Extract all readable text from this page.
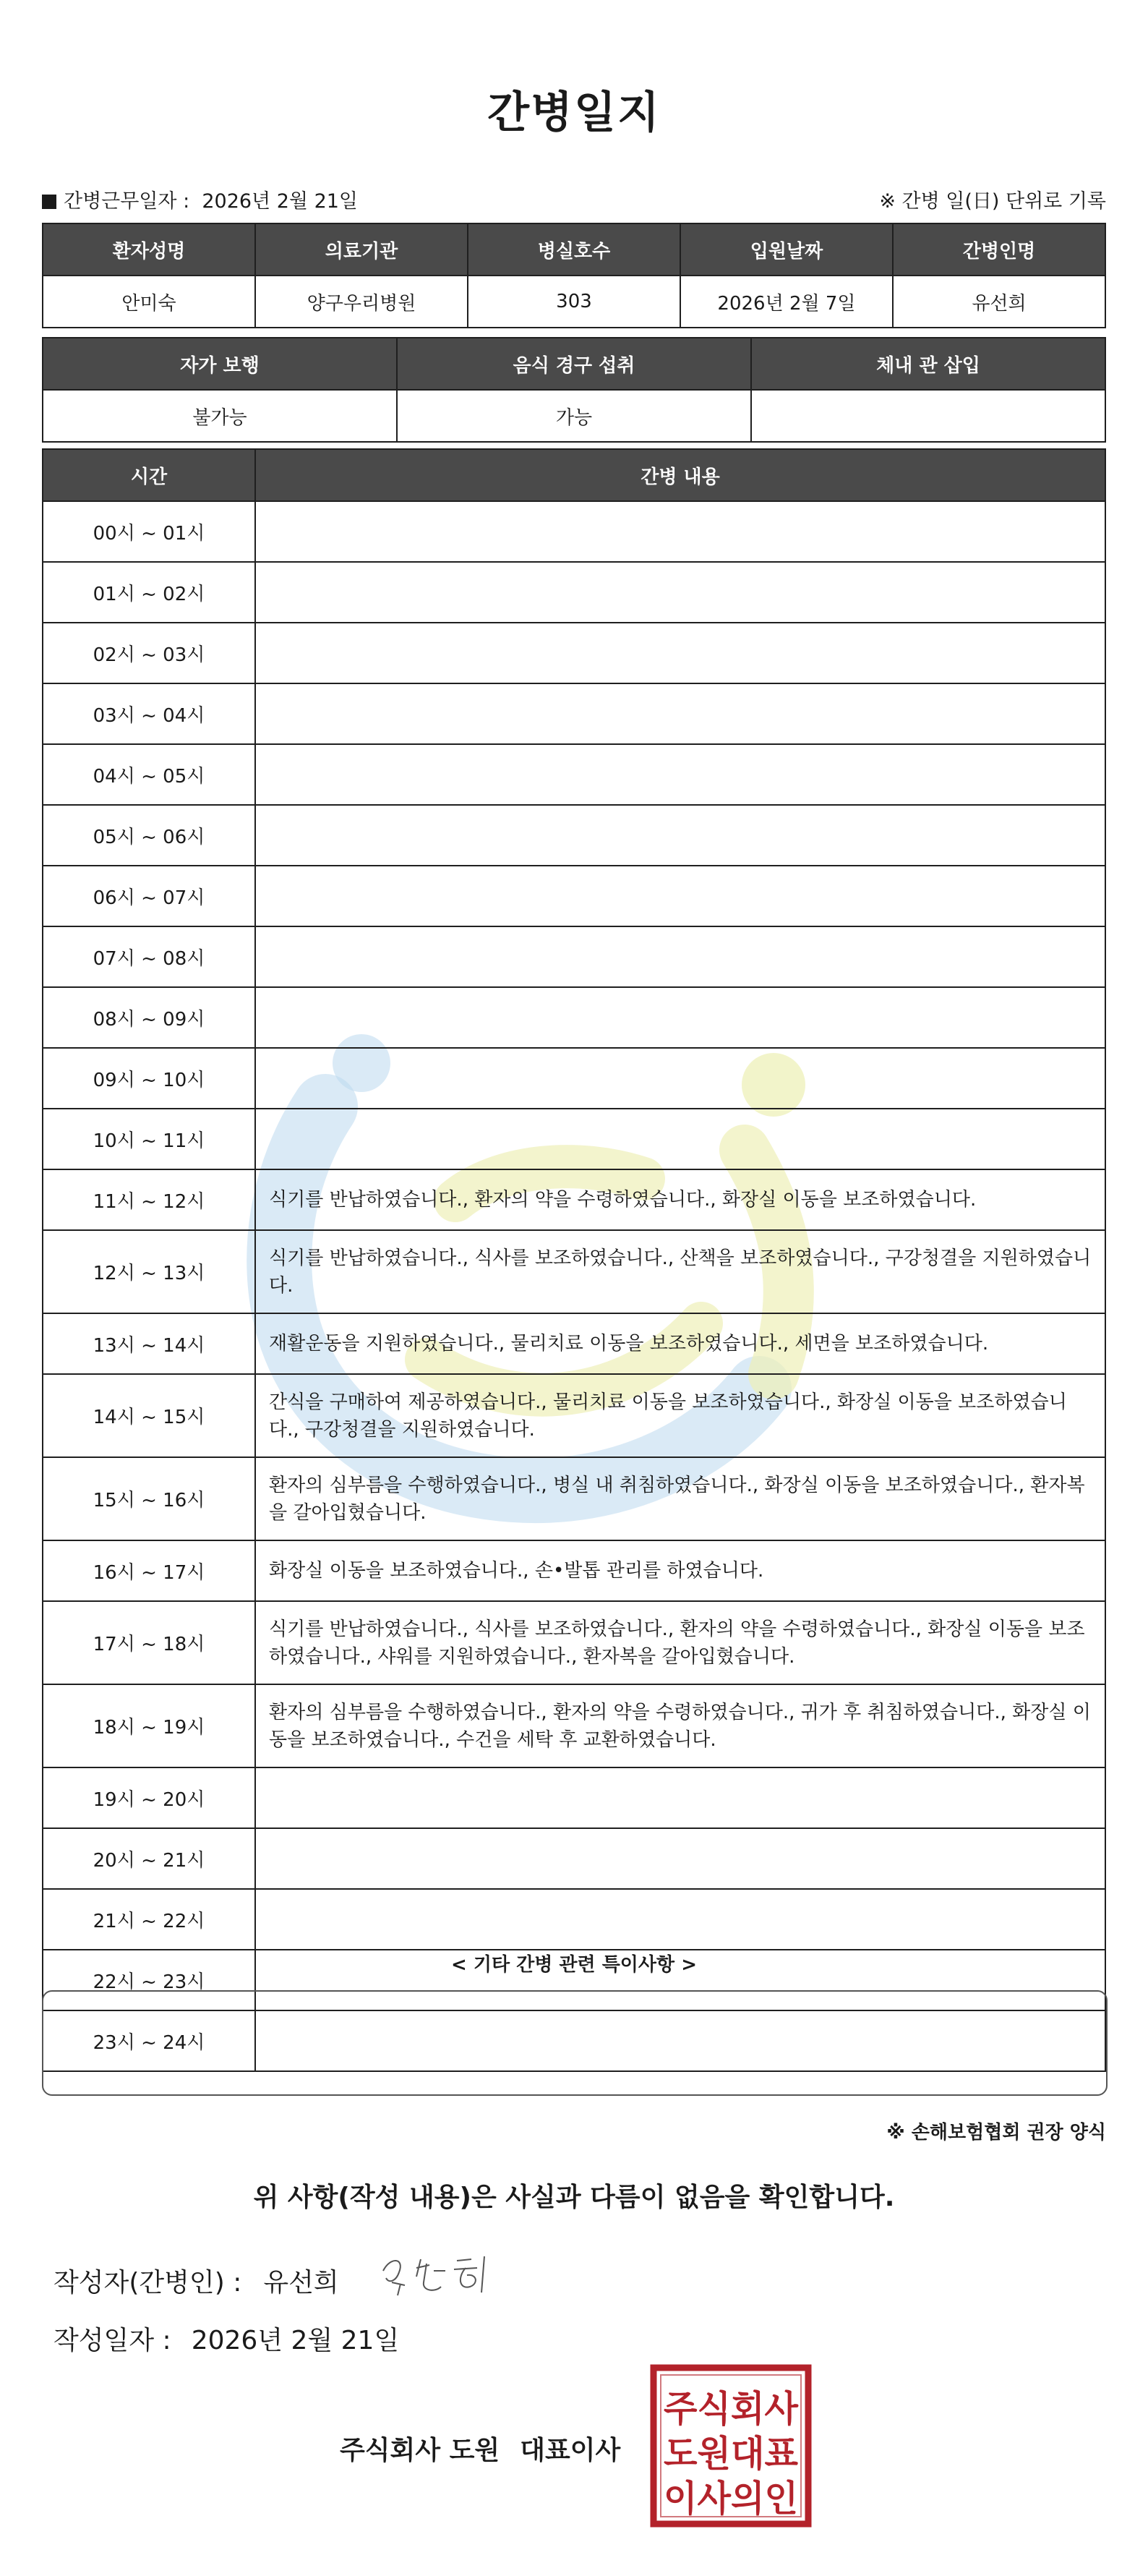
간병일지
간병근무일자 : 2026년 2월 21일	※ 간병 일(日) 단위로 기록
환자성명	의료기관	병실호수	입원날짜	간병인명
안미숙	양구우리병원	303	2026년 2월 7일	유선희
자가 보행	음식 경구 섭취	체내 관 삽입
불가능	가능	
시간	간병 내용
00시 ~ 01시	
01시 ~ 02시	
02시 ~ 03시	
03시 ~ 04시	
04시 ~ 05시	
05시 ~ 06시	
06시 ~ 07시	
07시 ~ 08시	
08시 ~ 09시	
09시 ~ 10시	
10시 ~ 11시	
11시 ~ 12시	식기를 반납하였습니다., 환자의 약을 수령하였습니다., 화장실 이동을 보조하였습니다.
12시 ~ 13시	식기를 반납하였습니다., 식사를 보조하였습니다., 산책을 보조하였습니다., 구강청결을 지원하였습니다.
13시 ~ 14시	재활운동을 지원하였습니다., 물리치료 이동을 보조하였습니다., 세면을 보조하였습니다.
14시 ~ 15시	간식을 구매하여 제공하였습니다., 물리치료 이동을 보조하였습니다., 화장실 이동을 보조하였습니다., 구강청결을 지원하였습니다.
15시 ~ 16시	환자의 심부름을 수행하였습니다., 병실 내 취침하였습니다., 화장실 이동을 보조하였습니다., 환자복을 갈아입혔습니다.
16시 ~ 17시	화장실 이동을 보조하였습니다., 손•발톱 관리를 하였습니다.
17시 ~ 18시	식기를 반납하였습니다., 식사를 보조하였습니다., 환자의 약을 수령하였습니다., 화장실 이동을 보조하였습니다., 샤워를 지원하였습니다., 환자복을 갈아입혔습니다.
18시 ~ 19시	환자의 심부름을 수행하였습니다., 환자의 약을 수령하였습니다., 귀가 후 취침하였습니다., 화장실 이동을 보조하였습니다., 수건을 세탁 후 교환하였습니다.
19시 ~ 20시	
20시 ~ 21시	
21시 ~ 22시	
22시 ~ 23시	
23시 ~ 24시	
< 기타 간병 관련 특이사항 >
※ 손해보험협회 권장 양식
위 사항(작성 내용)은 사실과 다름이 없음을 확인합니다.
작성자(간병인) : 유선희
작성일자 : 2026년 2월 21일
주식회사 도원 대표이사
주식회사
도원대표
이사의인
